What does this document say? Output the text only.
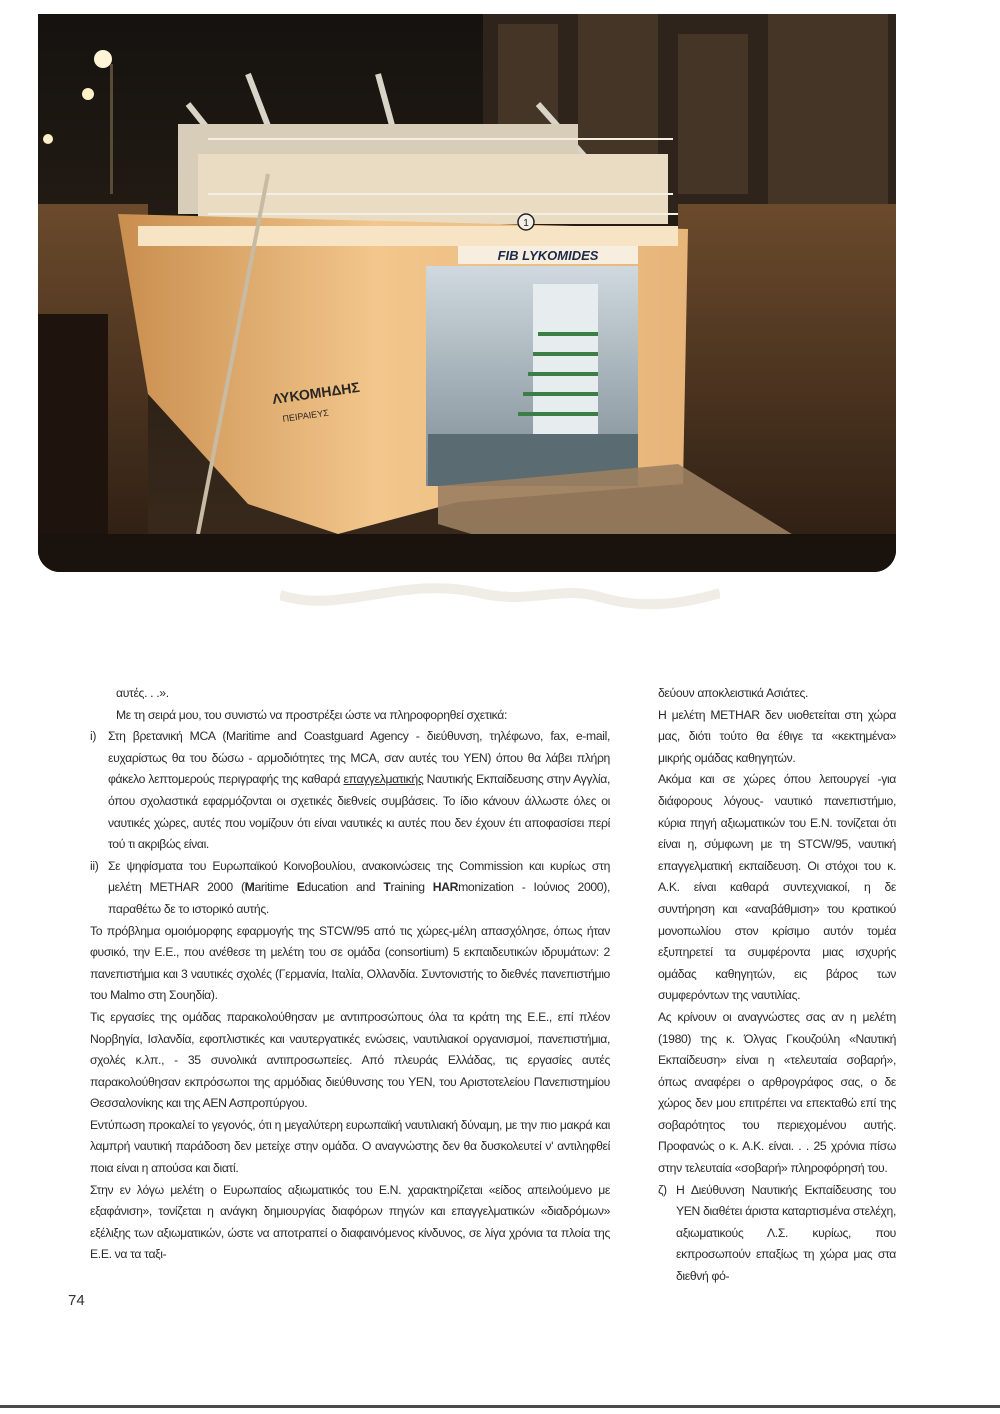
FIB LYKOMIDES
1
ΛΥΚΟΜΗΔΗΣ
ΠΕΙΡΑΙΕΥΣ

αυτές. . .».

Με τη σειρά μου, του συνιστώ να προστρέξει ώστε να πληροφορηθεί σχετικά:

i) Στη βρετανική MCA (Maritime and Coastguard Agency - διεύθυνση, τηλέφωνο, fax, e-mail, ευχαρίστως θα του δώσω - αρμοδιότητες της MCA, σαν αυτές του ΥΕΝ) όπου θα λάβει πλήρη φάκελο λεπτομερούς περιγραφής της καθαρά επαγγελματικής Ναυτικής Εκπαίδευσης στην Αγγλία, όπου σχολαστικά εφαρμόζονται οι σχετικές διεθνείς συμβάσεις. Το ίδιο κάνουν άλλωστε όλες οι ναυτικές χώρες, αυτές που νομίζουν ότι είναι ναυτικές κι αυτές που δεν έχουν έτι αποφασίσει περί τού τι ακριβώς είναι.

ii) Σε ψηφίσματα του Ευρωπαϊκού Κοινοβουλίου, ανακοινώσεις της Commission και κυρίως στη μελέτη METHAR 2000 (Maritime Education and Training HARmonization - Ιούνιος 2000), παραθέτω δε το ιστορικό αυτής.

Το πρόβλημα ομοιόμορφης εφαρμογής της STCW/95 από τις χώρες-μέλη απασχόλησε, όπως ήταν φυσικό, την Ε.Ε., που ανέθεσε τη μελέτη του σε ομάδα (consortium) 5 εκπαιδευτικών ιδρυμάτων: 2 πανεπιστήμια και 3 ναυτικές σχολές (Γερμανία, Ιταλία, Ολλανδία. Συντονιστής το διεθνές πανεπιστήμιο του Malmo στη Σουηδία).

Τις εργασίες της ομάδας παρακολούθησαν με αντιπροσώπους όλα τα κράτη της Ε.Ε., επί πλέον Νορβηγία, Ισλανδία, εφοπλιστικές και ναυτεργατικές ενώσεις, ναυτιλιακοί οργανισμοί, πανεπιστήμια, σχολές κ.λπ., - 35 συνολικά αντιπροσωπείες. Από πλευράς Ελλάδας, τις εργασίες αυτές παρακολούθησαν εκπρόσωποι της αρμόδιας διεύθυνσης του ΥΕΝ, του Αριστοτελείου Πανεπιστημίου Θεσσαλονίκης και της ΑΕΝ Ασπροπύργου.

Εντύπωση προκαλεί το γεγονός, ότι η μεγαλύτερη ευρωπαϊκή ναυτιλιακή δύναμη, με την πιο μακρά και λαμπρή ναυτική παράδοση δεν μετείχε στην ομάδα. Ο αναγνώστης δεν θα δυσκολευτεί ν' αντιληφθεί ποια είναι η απούσα και διατί.

Στην εν λόγω μελέτη ο Ευρωπαίος αξιωματικός του Ε.Ν. χαρακτηρίζεται «είδος απειλούμενο με εξαφάνιση», τονίζεται η ανάγκη δημιουργίας διαφόρων πηγών και επαγγελματικών «διαδρόμων» εξέλιξης των αξιωματικών, ώστε να αποτραπεί ο διαφαινόμενος κίνδυνος, σε λίγα χρόνια τα πλοία της Ε.Ε. να τα ταξι-

δεύουν αποκλειστικά Ασιάτες.

Η μελέτη METHAR δεν υιοθετείται στη χώρα μας, διότι τούτο θα έθιγε τα «κεκτημένα» μικρής ομάδας καθηγητών.

Ακόμα και σε χώρες όπου λειτουργεί -για διάφορους λόγους- ναυτικό πανεπιστήμιο, κύρια πηγή αξιωματικών του Ε.Ν. τονίζεται ότι είναι η, σύμφωνη με τη STCW/95, ναυτική επαγγελματική εκπαίδευση. Οι στόχοι του κ. Α.Κ. είναι καθαρά συντεχνιακοί, η δε συντήρηση και «αναβάθμιση» του κρατικού μονοπωλίου στον κρίσιμο αυτόν τομέα εξυπηρετεί τα συμφέροντα μιας ισχυρής ομάδας καθηγητών, εις βάρος των συμφερόντων της ναυτιλίας.

Ας κρίνουν οι αναγνώστες σας αν η μελέτη (1980) της κ. Όλγας Γκουζούλη «Ναυτική Εκπαίδευση» είναι η «τελευταία σοβαρή», όπως αναφέρει ο αρθρογράφος σας, ο δε χώρος δεν μου επιτρέπει να επεκταθώ επί της σοβαρότητος του περιεχομένου αυτής. Προφανώς ο κ. Α.Κ. είναι. . . 25 χρόνια πίσω στην τελευταία «σοβαρή» πληροφόρησή του.

ζ) Η Διεύθυνση Ναυτικής Εκπαίδευσης του ΥΕΝ διαθέτει άριστα καταρτισμένα στελέχη, αξιωματικούς Λ.Σ. κυρίως, που εκπροσωπούν επαξίως τη χώρα μας στα διεθνή φό-

74
